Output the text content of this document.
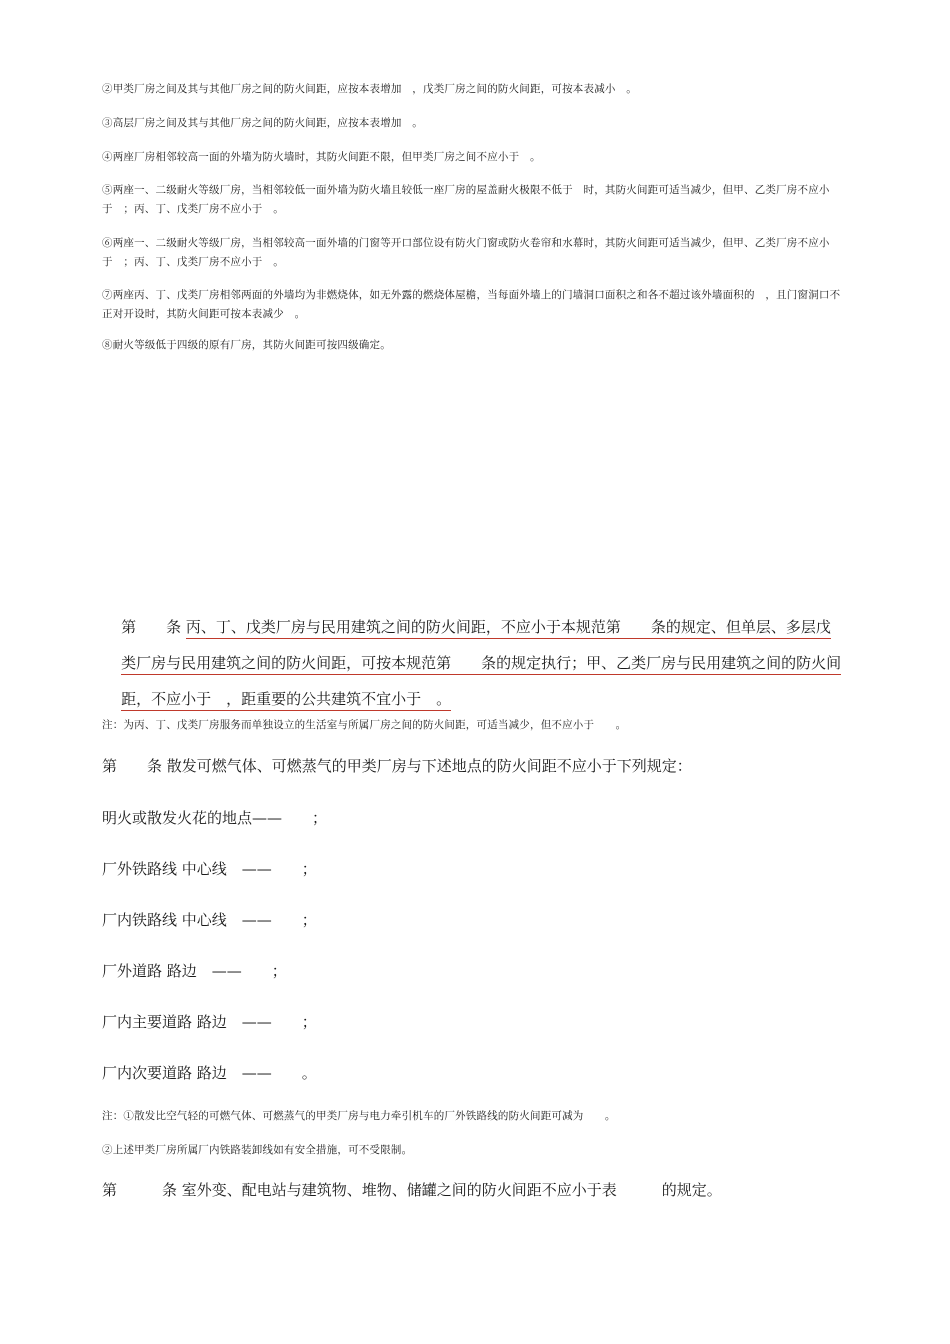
②甲类厂房之间及其与其他厂房之间的防火间距，应按本表增加　，戊类厂房之间的防火间距，可按本表减小　。
③高层厂房之间及其与其他厂房之间的防火间距，应按本表增加　。
④两座厂房相邻较高一面的外墙为防火墙时，其防火间距不限，但甲类厂房之间不应小于　。
⑤两座一、二级耐火等级厂房，当相邻较低一面外墙为防火墙且较低一座厂房的屋盖耐火极限不低于　时，其防火间距可适当减少，但甲、乙类厂房不应小于　；丙、丁、戊类厂房不应小于　。
⑥两座一、二级耐火等级厂房，当相邻较高一面外墙的门窗等开口部位设有防火门窗或防火卷帘和水幕时，其防火间距可适当减少，但甲、乙类厂房不应小于　；丙、丁、戊类厂房不应小于　。
⑦两座丙、丁、戊类厂房相邻两面的外墙均为非燃烧体，如无外露的燃烧体屋檐，当每面外墙上的门墙洞口面积之和各不超过该外墙面积的　，且门窗洞口不正对开设时，其防火间距可按本表减少　。
⑧耐火等级低于四级的原有厂房，其防火间距可按四级确定。

第　　条 丙、丁、戊类厂房与民用建筑之间的防火间距，不应小于本规范第　　条的规定、但单层、多层戊

类厂房与民用建筑之间的防火间距，可按本规范第　　条的规定执行；甲、乙类厂房与民用建筑之间的防火间

距，不应小于　，距重要的公共建筑不宜小于　。

注：为丙、丁、戊类厂房服务而单独设立的生活室与所属厂房之间的防火间距，可适当减少，但不应小于　　。
第　　条 散发可燃气体、可燃蒸气的甲类厂房与下述地点的防火间距不应小于下列规定：
明火或散发火花的地点——　　；
厂外铁路线 中心线　——　　；
厂内铁路线 中心线　——　　；
厂外道路 路边　——　　；
厂内主要道路 路边　——　　；
厂内次要道路 路边　——　　。
注：①散发比空气轻的可燃气体、可燃蒸气的甲类厂房与电力牵引机车的厂外铁路线的防火间距可减为　　。
②上述甲类厂房所属厂内铁路装卸线如有安全措施，可不受限制。
第　　　条 室外变、配电站与建筑物、堆物、储罐之间的防火间距不应小于表　　　的规定。
